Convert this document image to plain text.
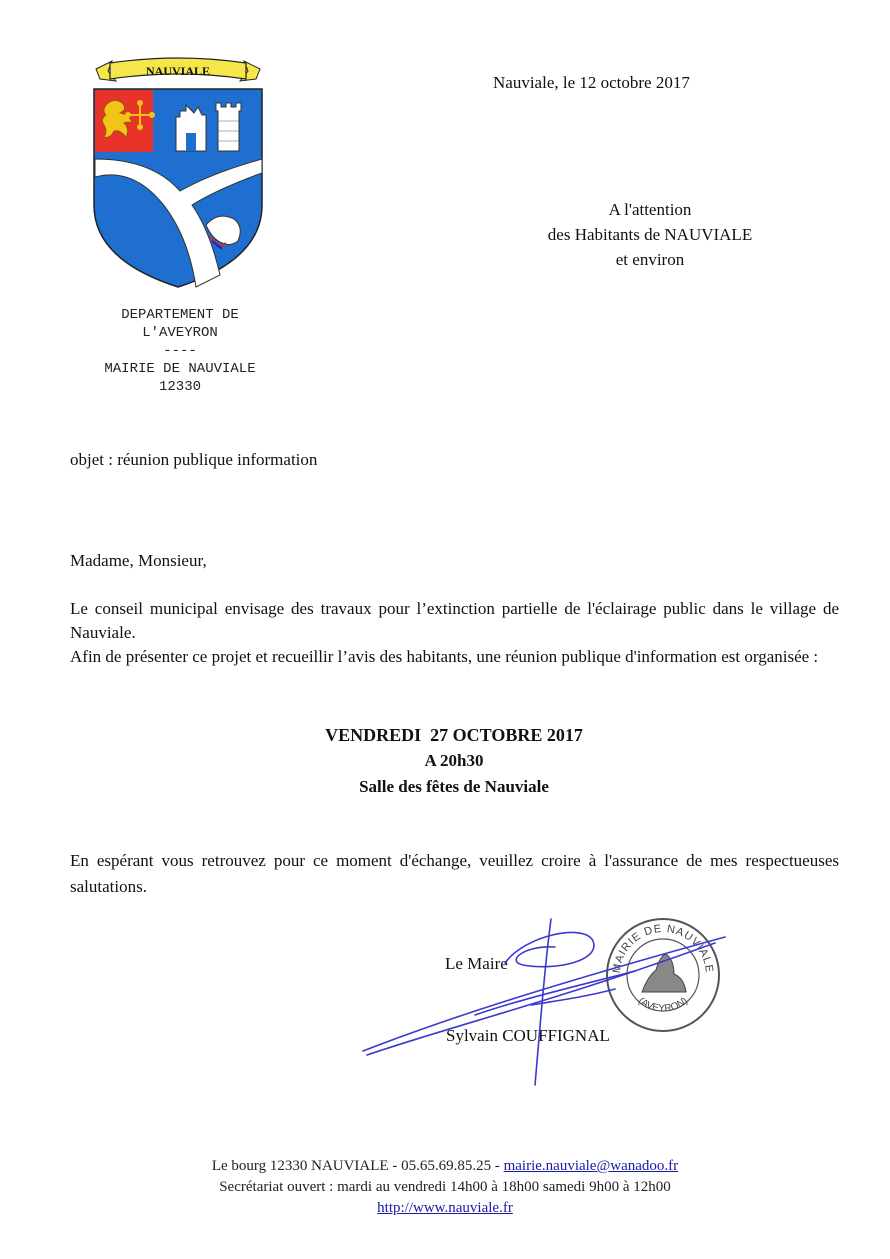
NAUVIALE
DEPARTEMENT DE
L'AVEYRON
----
MAIRIE DE NAUVIALE
12330
Nauviale, le 12 octobre 2017
A l'attention
des Habitants de NAUVIALE
et environ
objet : réunion publique information
Madame, Monsieur,

Le conseil municipal envisage des travaux pour l’extinction partielle de l'éclairage public dans le village de Nauviale.

Afin de présenter ce projet et recueillir l’avis des habitants, une réunion publique d'information est organisée :

VENDREDI  27 OCTOBRE 2017
A 20h30
Salle des fêtes de Nauviale
En espérant vous retrouvez pour ce moment d'échange, veuillez croire à l'assurance de mes respectueuses salutations.
Le Maire
Sylvain COUFFIGNAL
MAIRIE DE NAUVIALE
(AVEYRON)
Le bourg 12330 NAUVIALE - 05.65.69.85.25 - mairie.nauviale@wanadoo.fr
Secrétariat ouvert : mardi au vendredi 14h00 à 18h00 samedi 9h00 à 12h00
http://www.nauviale.fr
